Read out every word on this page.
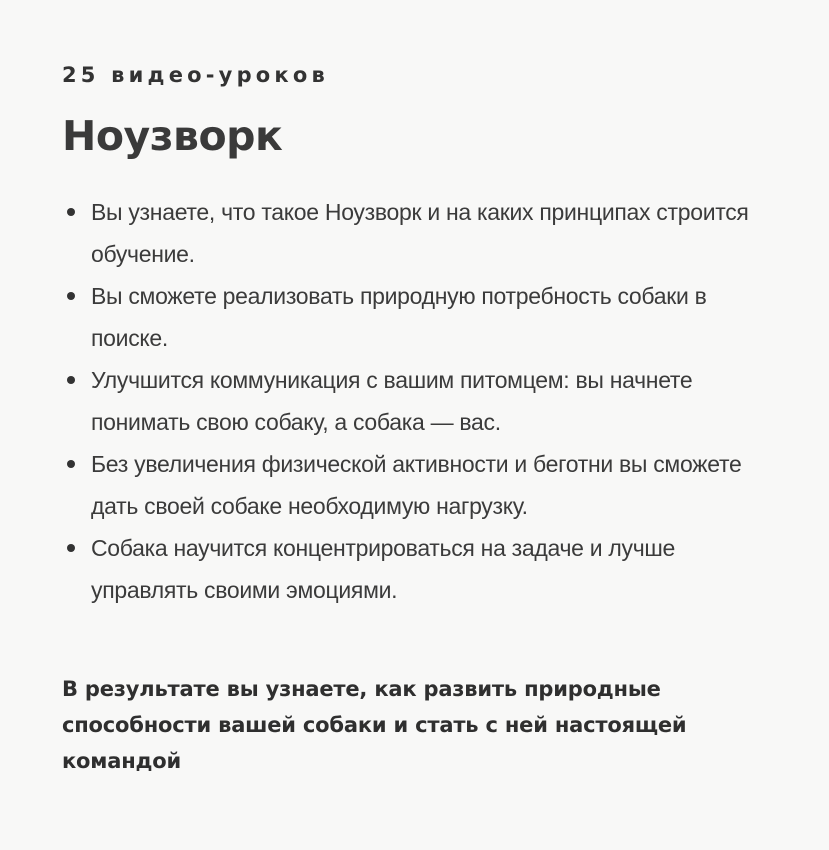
25 видео-уроков

Ноузворк
Вы узнаете, что такое Ноузворк и на каких принципах строится обучение.
Вы сможете реализовать природную потребность собаки в поиске.
Улучшится коммуникация с вашим питомцем: вы начнете понимать свою собаку, а собака — вас.
Без увеличения физической активности и беготни вы сможете дать своей собаке необходимую нагрузку.
Собака научится концентрироваться на задаче и лучше управлять своими эмоциями.

В результате вы узнаете, как развить природные способности вашей собаки и стать с ней настоящей командой
